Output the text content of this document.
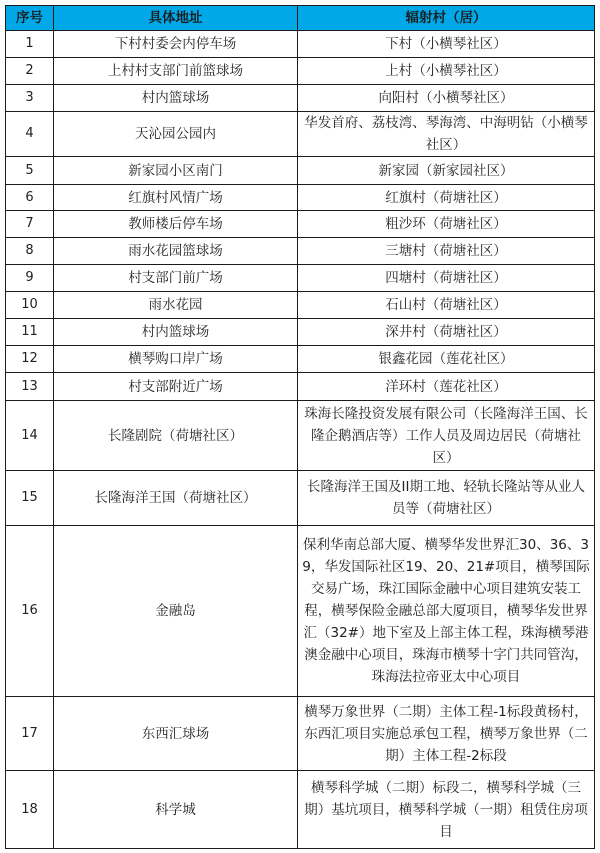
序号	具体地址	辐射村（居）
1	下村村委会内停车场	下村（小横琴社区）
2	上村村支部门前篮球场	上村（小横琴社区）
3	村内篮球场	向阳村（小横琴社区）
4	天沁园公园内	华发首府、荔枝湾、琴海湾、中海明钻（小横琴社区）
5	新家园小区南门	新家园（新家园社区）
6	红旗村风情广场	红旗村（荷塘社区）
7	教师楼后停车场	粗沙环（荷塘社区）
8	雨水花园篮球场	三塘村（荷塘社区）
9	村支部门前广场	四塘村（荷塘社区）
10	雨水花园	石山村（荷塘社区）
11	村内篮球场	深井村（荷塘社区）
12	横琴购口岸广场	银鑫花园（莲花社区）
13	村支部附近广场	洋环村（莲花社区）
14	长隆剧院（荷塘社区）	珠海长隆投资发展有限公司（长隆海洋王国、长隆企鹅酒店等）工作人员及周边居民（荷塘社区）
15	长隆海洋王国（荷塘社区）	长隆海洋王国及II期工地、轻轨长隆站等从业人员等（荷塘社区）
16	金融岛	保利华南总部大厦、横琴华发世界汇30、36、39，华发国际社区19、20、21#项目，横琴国际交易广场，珠江国际金融中心项目建筑安装工程，横琴保险金融总部大厦项目，横琴华发世界汇（32#）地下室及上部主体工程，珠海横琴港澳金融中心项目，珠海市横琴十字门共同管沟，珠海法拉帝亚太中心项目
17	东西汇球场	横琴万象世界（二期）主体工程-1标段黄杨村，东西汇项目实施总承包工程，横琴万象世界（二期）主体工程-2标段
18	科学城	横琴科学城（二期）标段二，横琴科学城（三期）基坑项目，横琴科学城（一期）租赁住房项目
